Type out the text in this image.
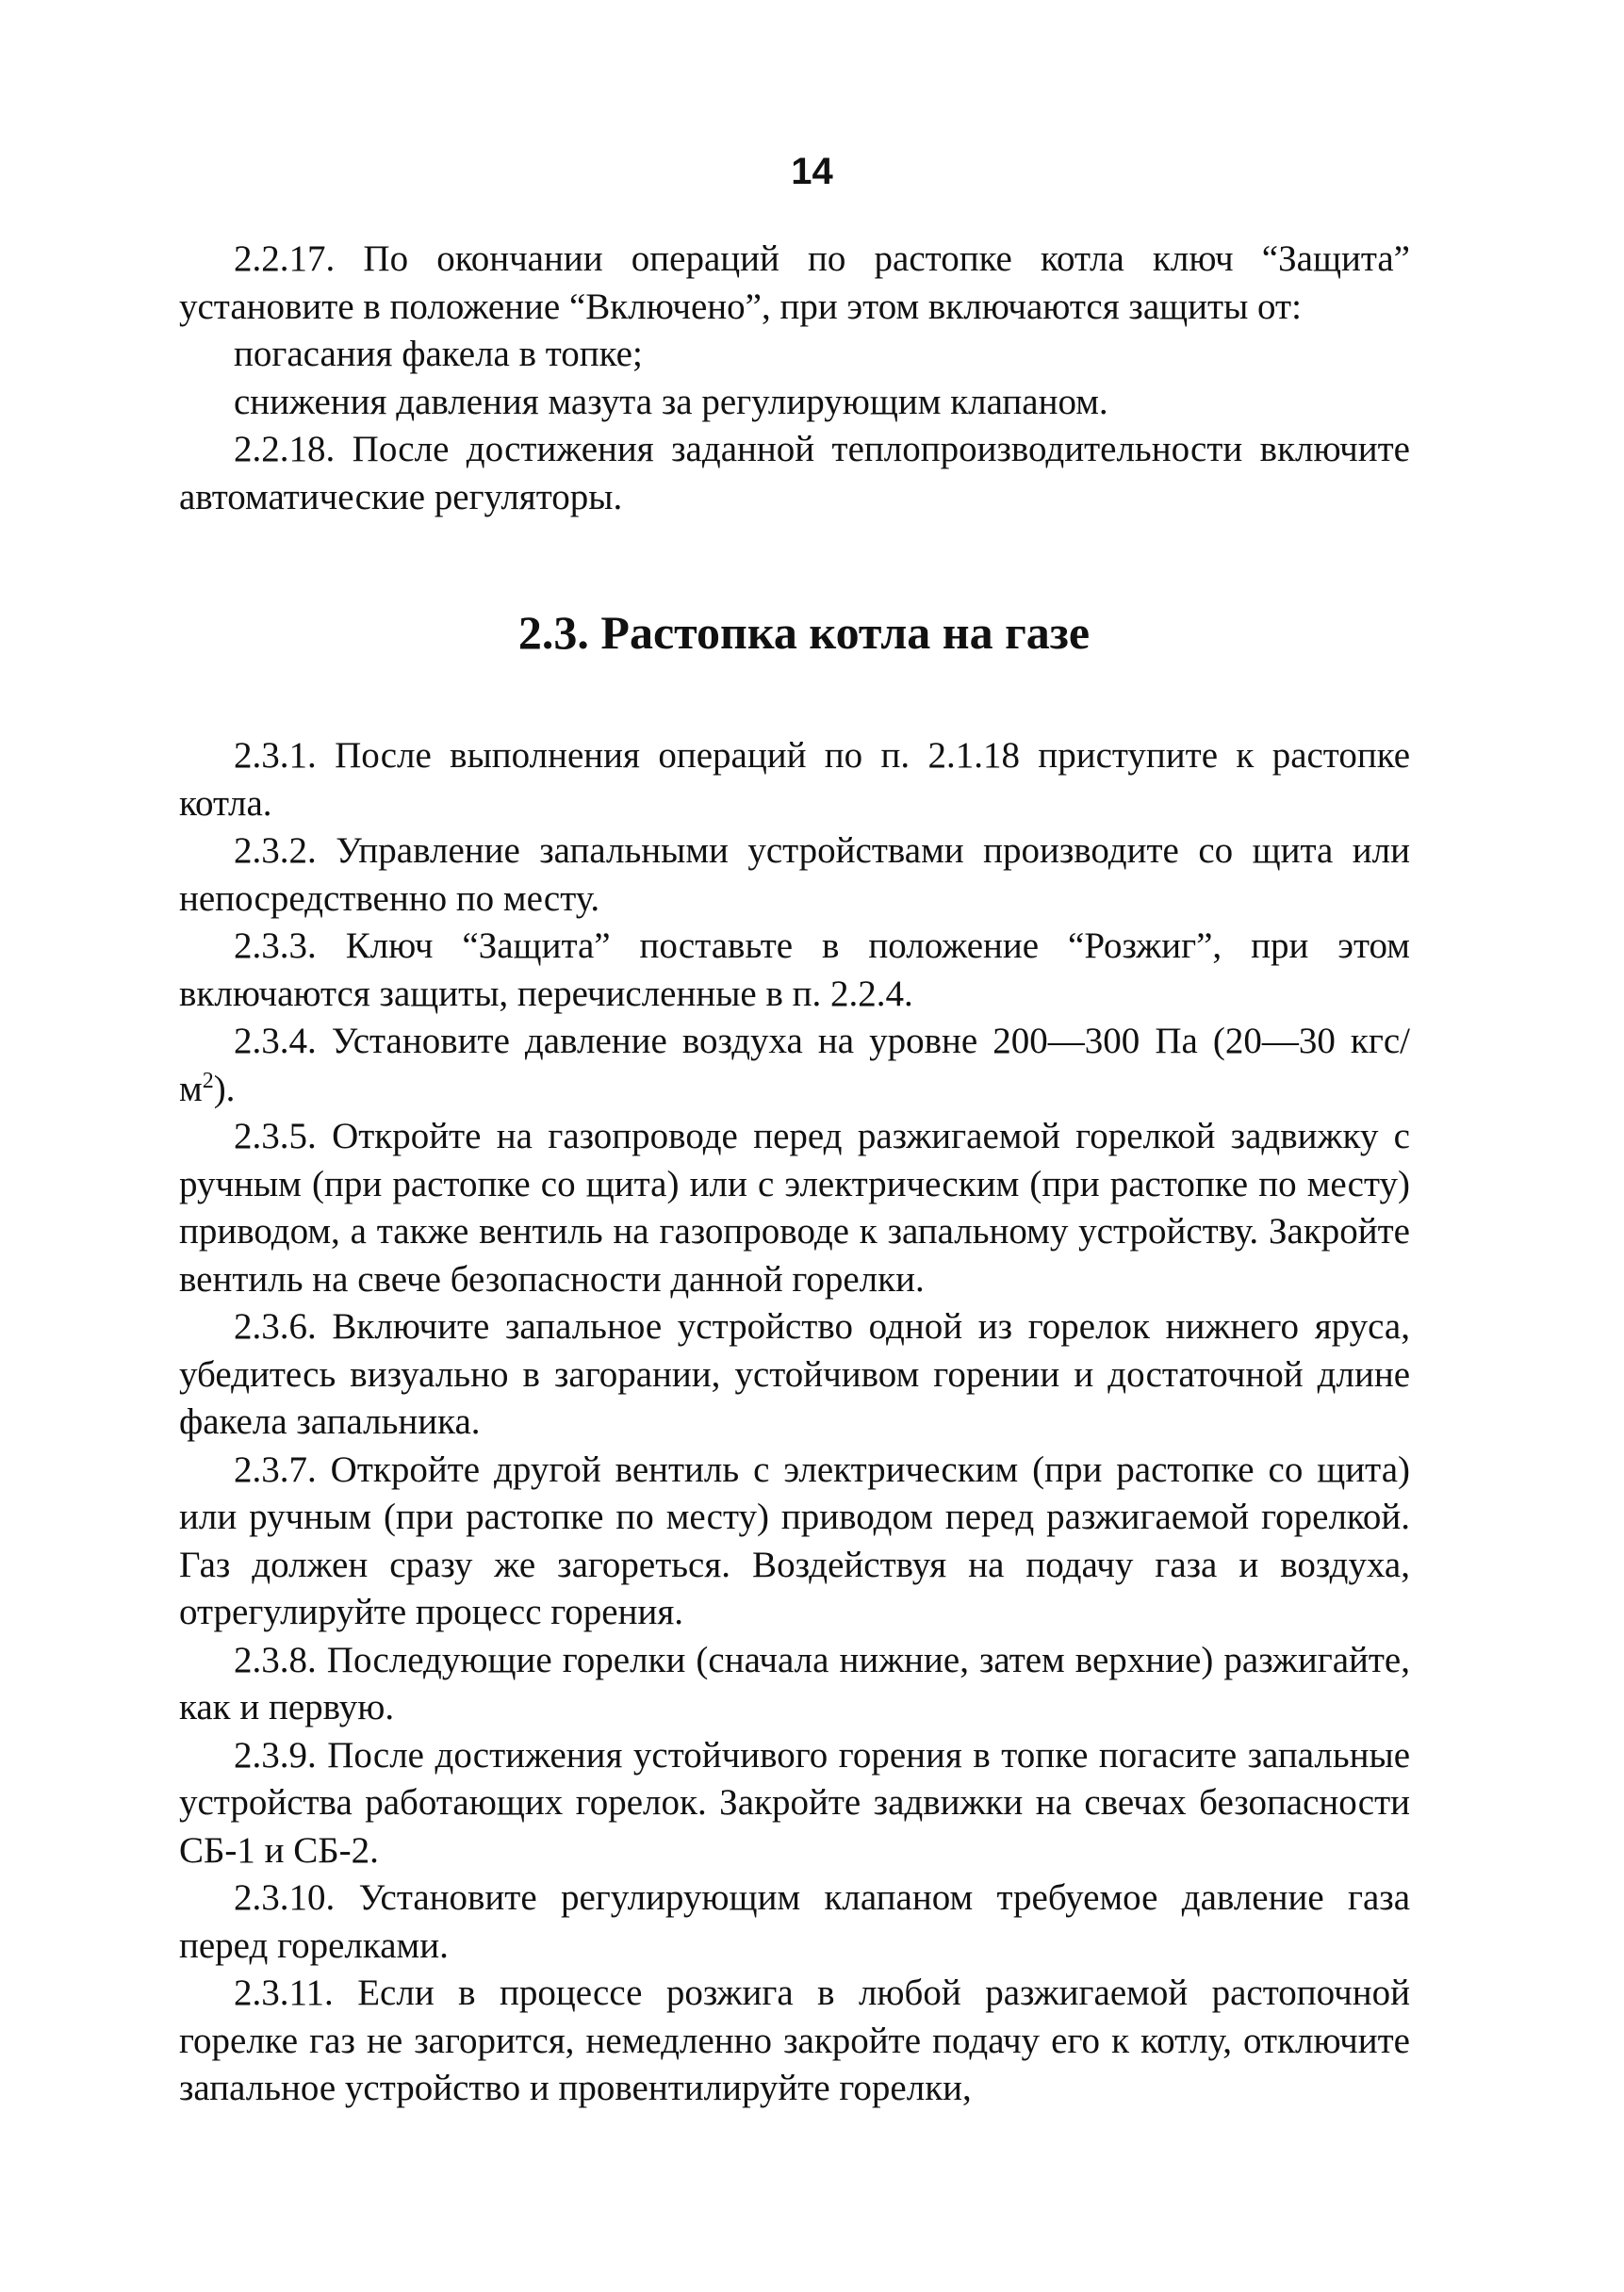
14

2.2.17. По окончании операций по растопке котла ключ “Защита” установите в положение “Включено”, при этом включаются защиты от:

погасания факела в топке;

снижения давления мазута за регулирующим клапаном.

2.2.18. После достижения заданной теплопроизводительности включите автоматические регуляторы.

2.3. Растопка котла на газе

2.3.1. После выполнения операций по п. 2.1.18 приступите к растопке котла.

2.3.2. Управление запальными устройствами производите со щита или непосредственно по месту.

2.3.3. Ключ “Защита” поставьте в положение “Розжиг”, при этом включаются защиты, перечисленные в п. 2.2.4.

2.3.4. Установите давление воздуха на уровне 200—300 Па (20—30 кгс/$м^2$).

2.3.5. Откройте на газопроводе перед разжигаемой горелкой задвижку с ручным (при растопке со щита) или с электрическим (при растопке по месту) приводом, а также вентиль на газопроводе к запальному устройству. Закройте вентиль на свече безопасности данной горелки.

2.3.6. Включите запальное устройство одной из горелок нижнего яруса, убедитесь визуально в загорании, устойчивом горении и достаточной длине факела запальника.

2.3.7. Откройте другой вентиль с электрическим (при растопке со щита) или ручным (при растопке по месту) приводом перед разжигаемой горелкой. Газ должен сразу же загореться. Воздействуя на подачу газа и воздуха, отрегулируйте процесс горения.

2.3.8. Последующие горелки (сначала нижние, затем верхние) разжигайте, как и первую.

2.3.9. После достижения устойчивого горения в топке погасите запальные устройства работающих горелок. Закройте задвижки на свечах безопасности СБ-1 и СБ-2.

2.3.10. Установите регулирующим клапаном требуемое давление газа перед горелками.

2.3.11. Если в процессе розжига в любой разжигаемой растопочной горелке газ не загорится, немедленно закройте подачу его к котлу, отключите запальное устройство и провентилируйте горелки,
